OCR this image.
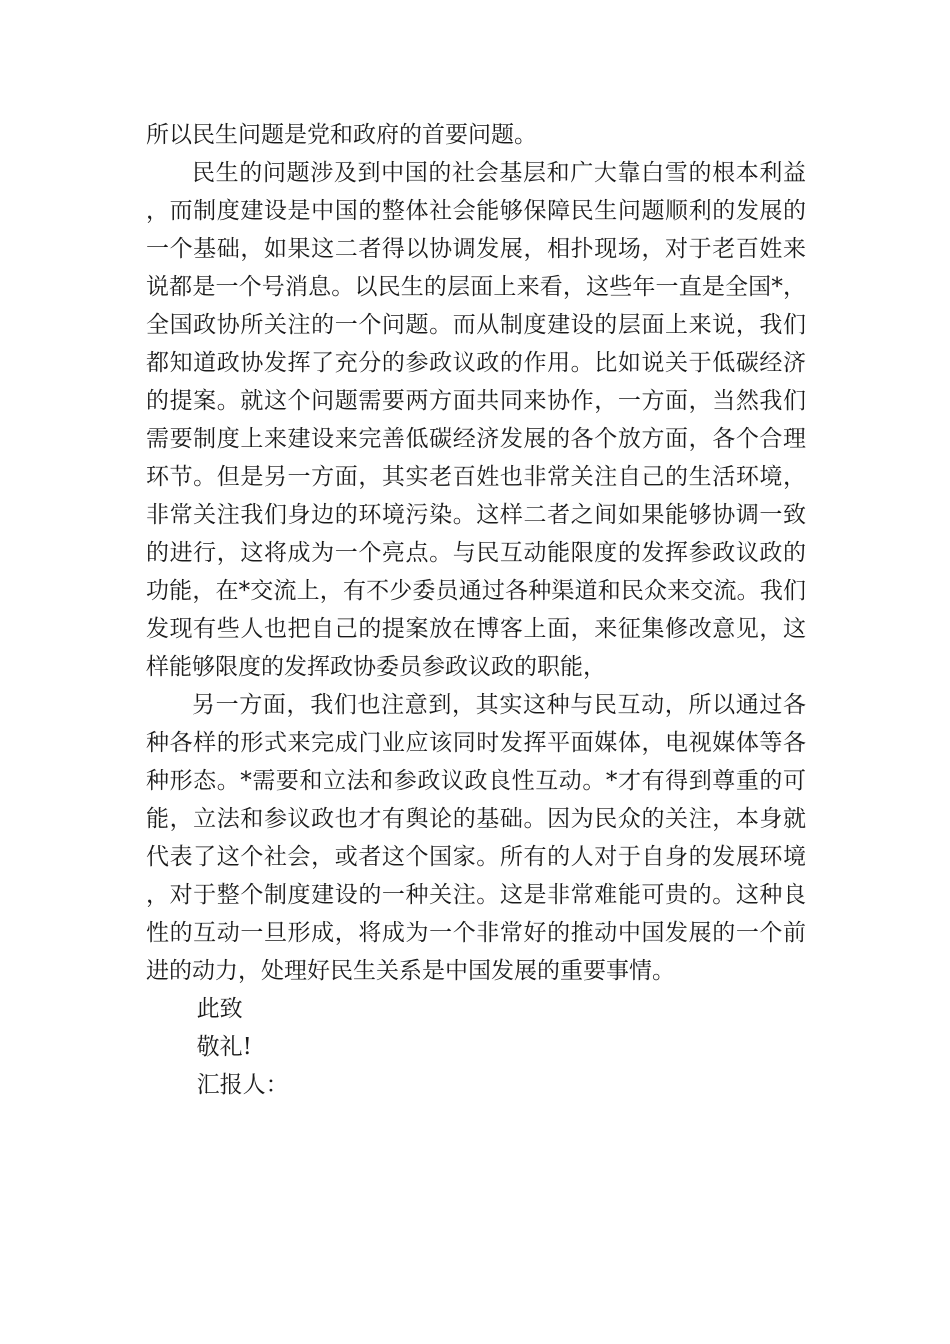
所以民生问题是党和政府的首要问题。

民生的问题涉及到中国的社会基层和广大靠白雪的根本利益，而制度建设是中国的整体社会能够保障民生问题顺利的发展的一个基础，如果这二者得以协调发展，相扑现场，对于老百姓来说都是一个号消息。以民生的层面上来看，这些年一直是全国*，全国政协所关注的一个问题。而从制度建设的层面上来说，我们都知道政协发挥了充分的参政议政的作用。比如说关于低碳经济的提案。就这个问题需要两方面共同来协作，一方面，当然我们需要制度上来建设来完善低碳经济发展的各个放方面，各个合理环节。但是另一方面，其实老百姓也非常关注自己的生活环境，非常关注我们身边的环境污染。这样二者之间如果能够协调一致的进行，这将成为一个亮点。与民互动能限度的发挥参政议政的功能，在*交流上，有不少委员通过各种渠道和民众来交流。我们发现有些人也把自己的提案放在博客上面，来征集修改意见，这样能够限度的发挥政协委员参政议政的职能，

另一方面，我们也注意到，其实这种与民互动，所以通过各种各样的形式来完成门业应该同时发挥平面媒体，电视媒体等各种形态。*需要和立法和参政议政良性互动。*才有得到尊重的可能，立法和参议政也才有舆论的基础。因为民众的关注，本身就代表了这个社会，或者这个国家。所有的人对于自身的发展环境，对于整个制度建设的一种关注。这是非常难能可贵的。这种良性的互动一旦形成，将成为一个非常好的推动中国发展的一个前进的动力，处理好民生关系是中国发展的重要事情。

此致

敬礼!

汇报人：
